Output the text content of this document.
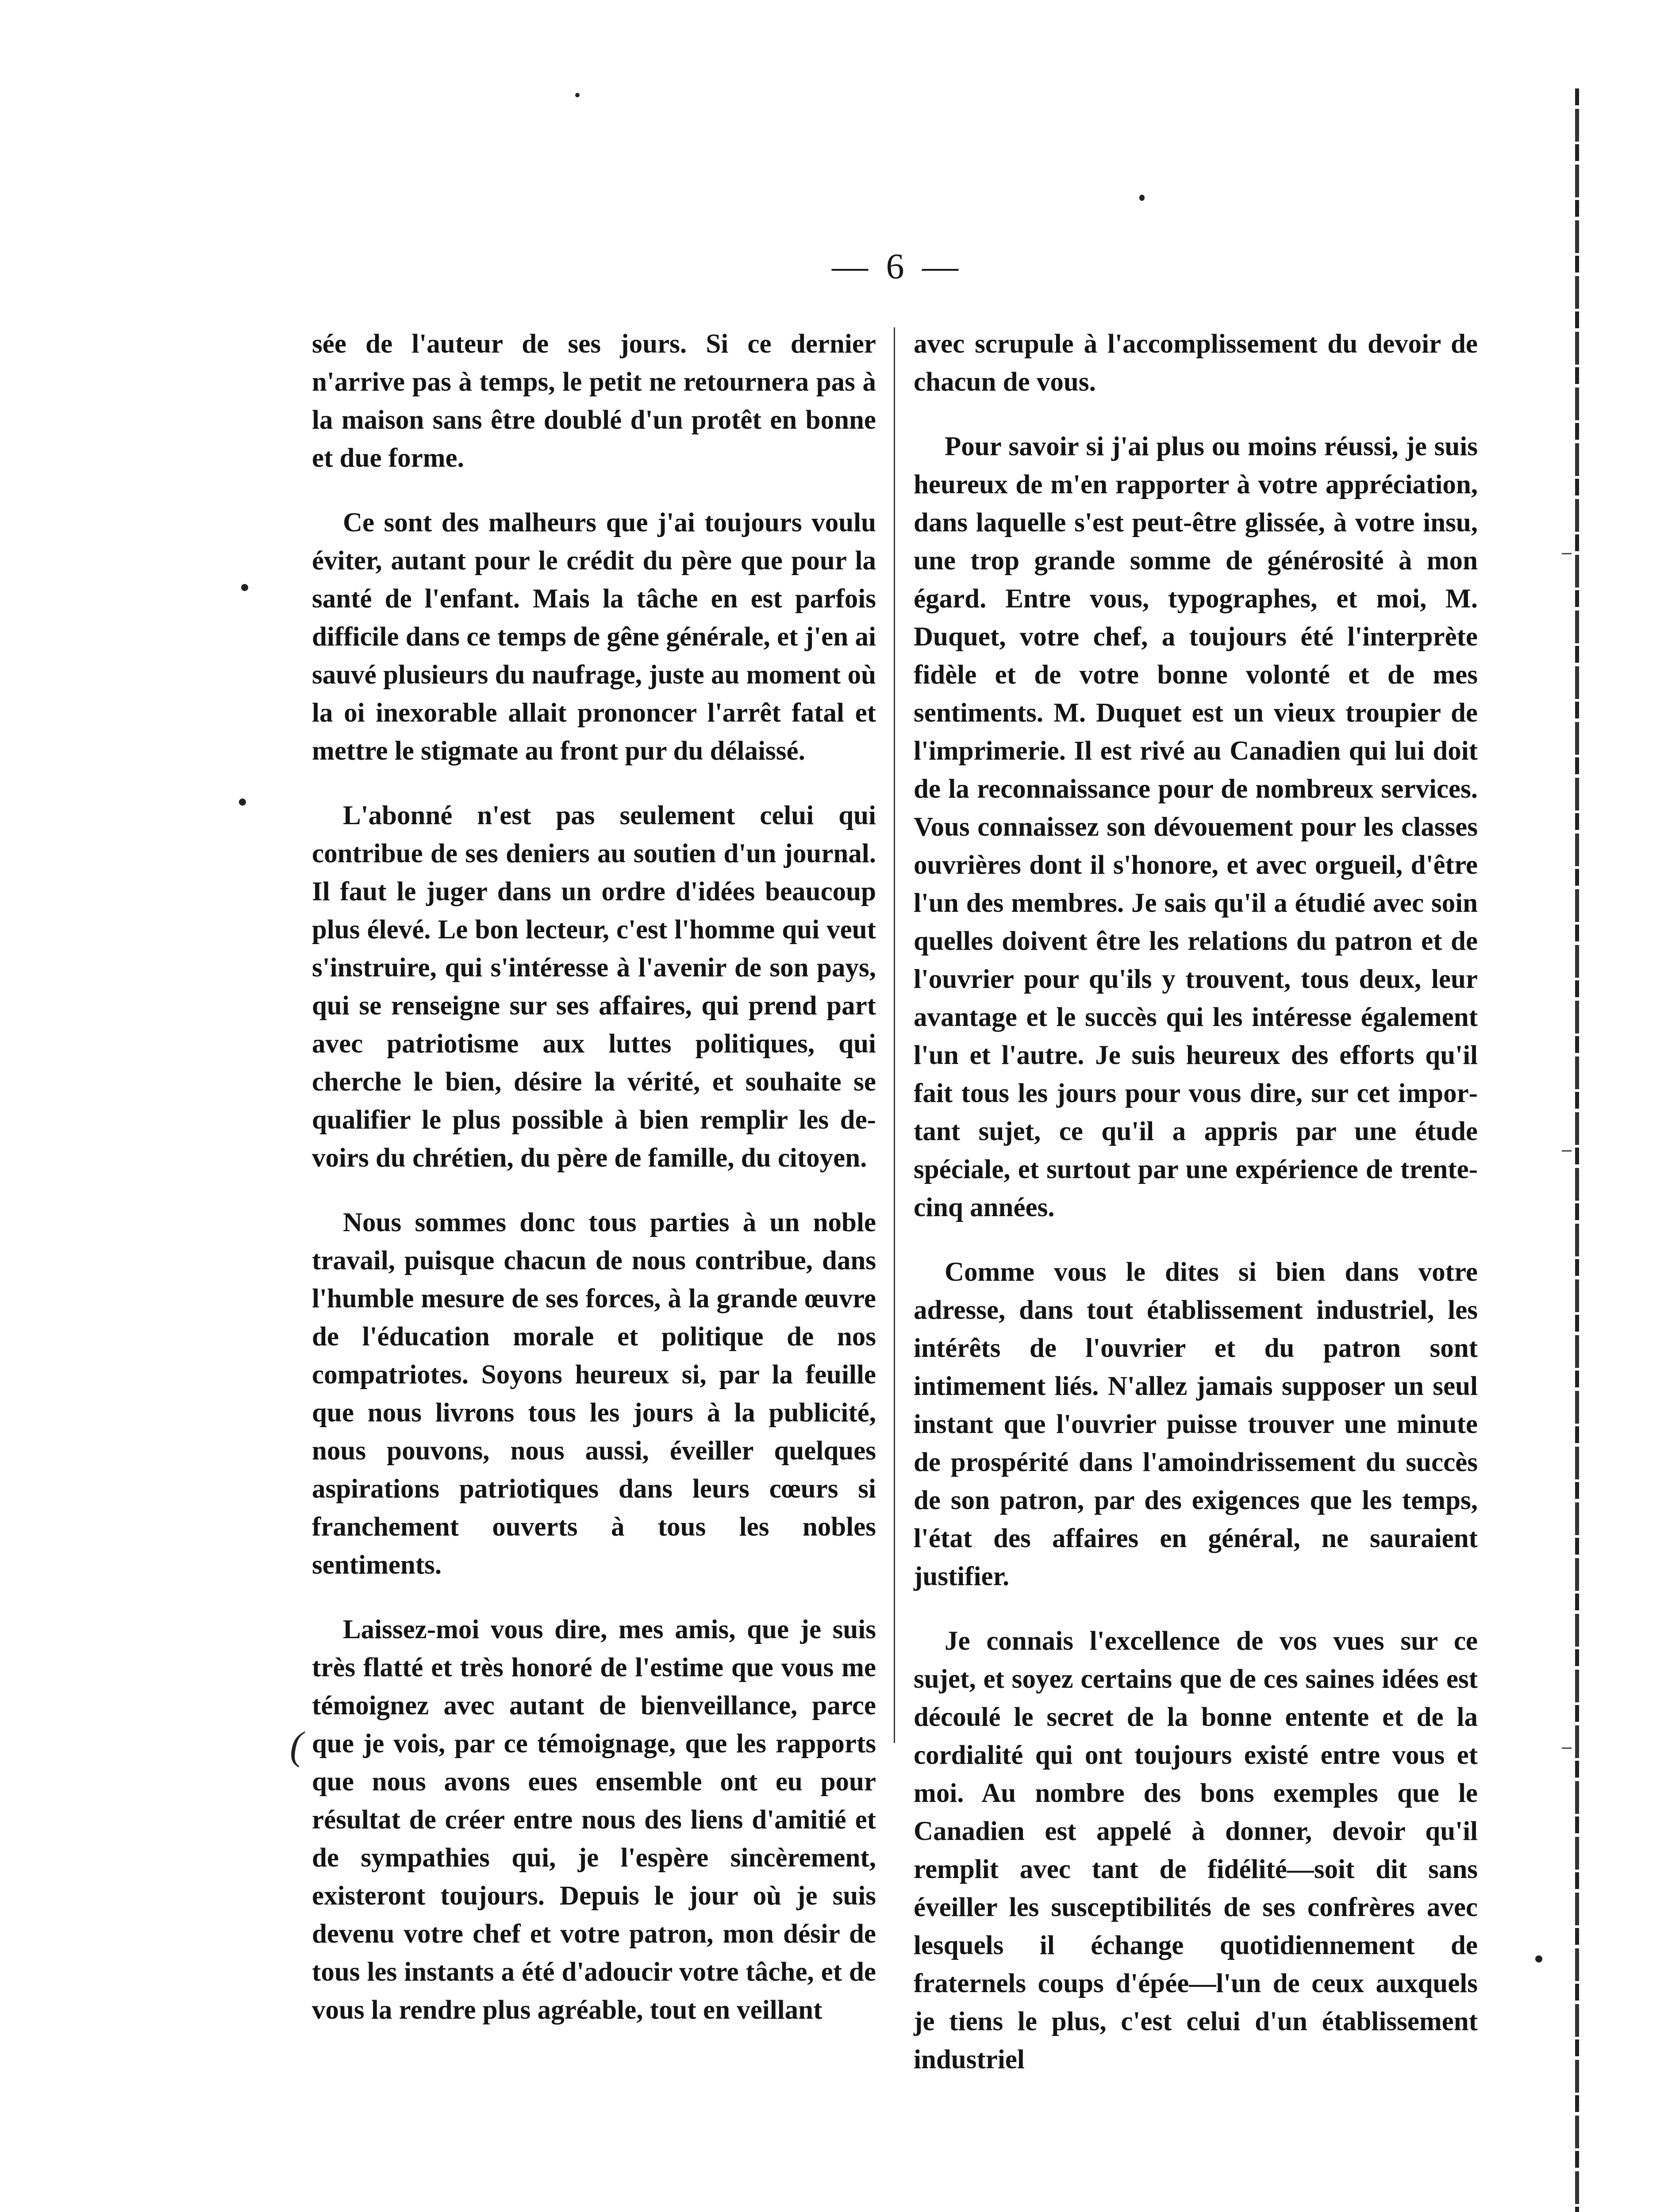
— 6 —

sée de l'auteur de ses jours. Si ce dernier n'arrive pas à temps, le petit ne retournera pas à la maison sans être doublé d'un protêt en bonne et due forme.

Ce sont des malheurs que j'ai toujours voulu éviter, autant pour le crédit du père que pour la santé de l'enfant. Mais la tâche en est parfois difficile dans ce temps de gêne générale, et j'en ai sauvé plusieurs du naufrage, juste au moment où la oi inexorable allait prononcer l'arrêt fatal et mettre le stigmate au front pur du délaissé.

L'abonné n'est pas seulement celui qui contribue de ses deniers au soutien d'un journal. Il faut le juger dans un ordre d'idées beaucoup plus élevé. Le bon lecteur, c'est l'homme qui veut s'instruire, qui s'intéresse à l'avenir de son pays, qui se renseigne sur ses affaires, qui prend part avec patriotisme aux luttes politiques, qui cherche le bien, désire la vérité, et souhaite se qualifier le plus possible à bien remplir les devoirs du chrétien, du père de famille, du citoyen.

Nous sommes donc tous parties à un noble travail, puisque chacun de nous contribue, dans l'humble mesure de ses forces, à la grande œuvre de l'éducation morale et politique de nos compatriotes. Soyons heureux si, par la feuille que nous livrons tous les jours à la publicité, nous pouvons, nous aussi, éveiller quelques aspirations patriotiques dans leurs cœurs si franchement ouverts à tous les nobles sentiments.

Laissez-moi vous dire, mes amis, que je suis très flatté et très honoré de l'estime que vous me témoignez avec autant de bienveillance, parce que je vois, par ce témoignage, que les rapports que nous avons eues ensemble ont eu pour résultat de créer entre nous des liens d'amitié et de sympathies qui, je l'espère sincèrement, existeront toujours. Depuis le jour où je suis devenu votre chef et votre patron, mon désir de tous les instants a été d'adoucir votre tâche, et de vous la rendre plus agréable, tout en veillant

avec scrupule à l'accomplissement du devoir de chacun de vous.

Pour savoir si j'ai plus ou moins réussi, je suis heureux de m'en rapporter à votre appréciation, dans laquelle s'est peut-être glissée, à votre insu, une trop grande somme de générosité à mon égard. Entre vous, typographes, et moi, M. Duquet, votre chef, a toujours été l'interprète fidèle et de votre bonne volonté et de mes sentiments. M. Duquet est un vieux troupier de l'imprimerie. Il est rivé au Canadien qui lui doit de la reconnaissance pour de nombreux services. Vous connaissez son dévouement pour les classes ouvrières dont il s'honore, et avec orgueil, d'être l'un des membres. Je sais qu'il a étudié avec soin quelles doivent être les relations du patron et de l'ouvrier pour qu'ils y trouvent, tous deux, leur avantage et le succès qui les intéresse également l'un et l'autre. Je suis heureux des efforts qu'il fait tous les jours pour vous dire, sur cet important sujet, ce qu'il a appris par une étude spéciale, et surtout par une expérience de trente-cinq années.

Comme vous le dites si bien dans votre adresse, dans tout établissement industriel, les intérêts de l'ouvrier et du patron sont intimement liés. N'allez jamais supposer un seul instant que l'ouvrier puisse trouver une minute de prospérité dans l'amoindrissement du succès de son patron, par des exigences que les temps, l'état des affaires en général, ne sauraient justifier.

Je connais l'excellence de vos vues sur ce sujet, et soyez certains que de ces saines idées est découlé le secret de la bonne entente et de la cordialité qui ont toujours existé entre vous et moi. Au nombre des bons exemples que le Canadien est appelé à donner, devoir qu'il remplit avec tant de fidélité—soit dit sans éveiller les susceptibilités de ses confrères avec lesquels il échange quotidiennement de fraternels coups d'épée—l'un de ceux auxquels je tiens le plus, c'est celui d'un établissement industriel

(
